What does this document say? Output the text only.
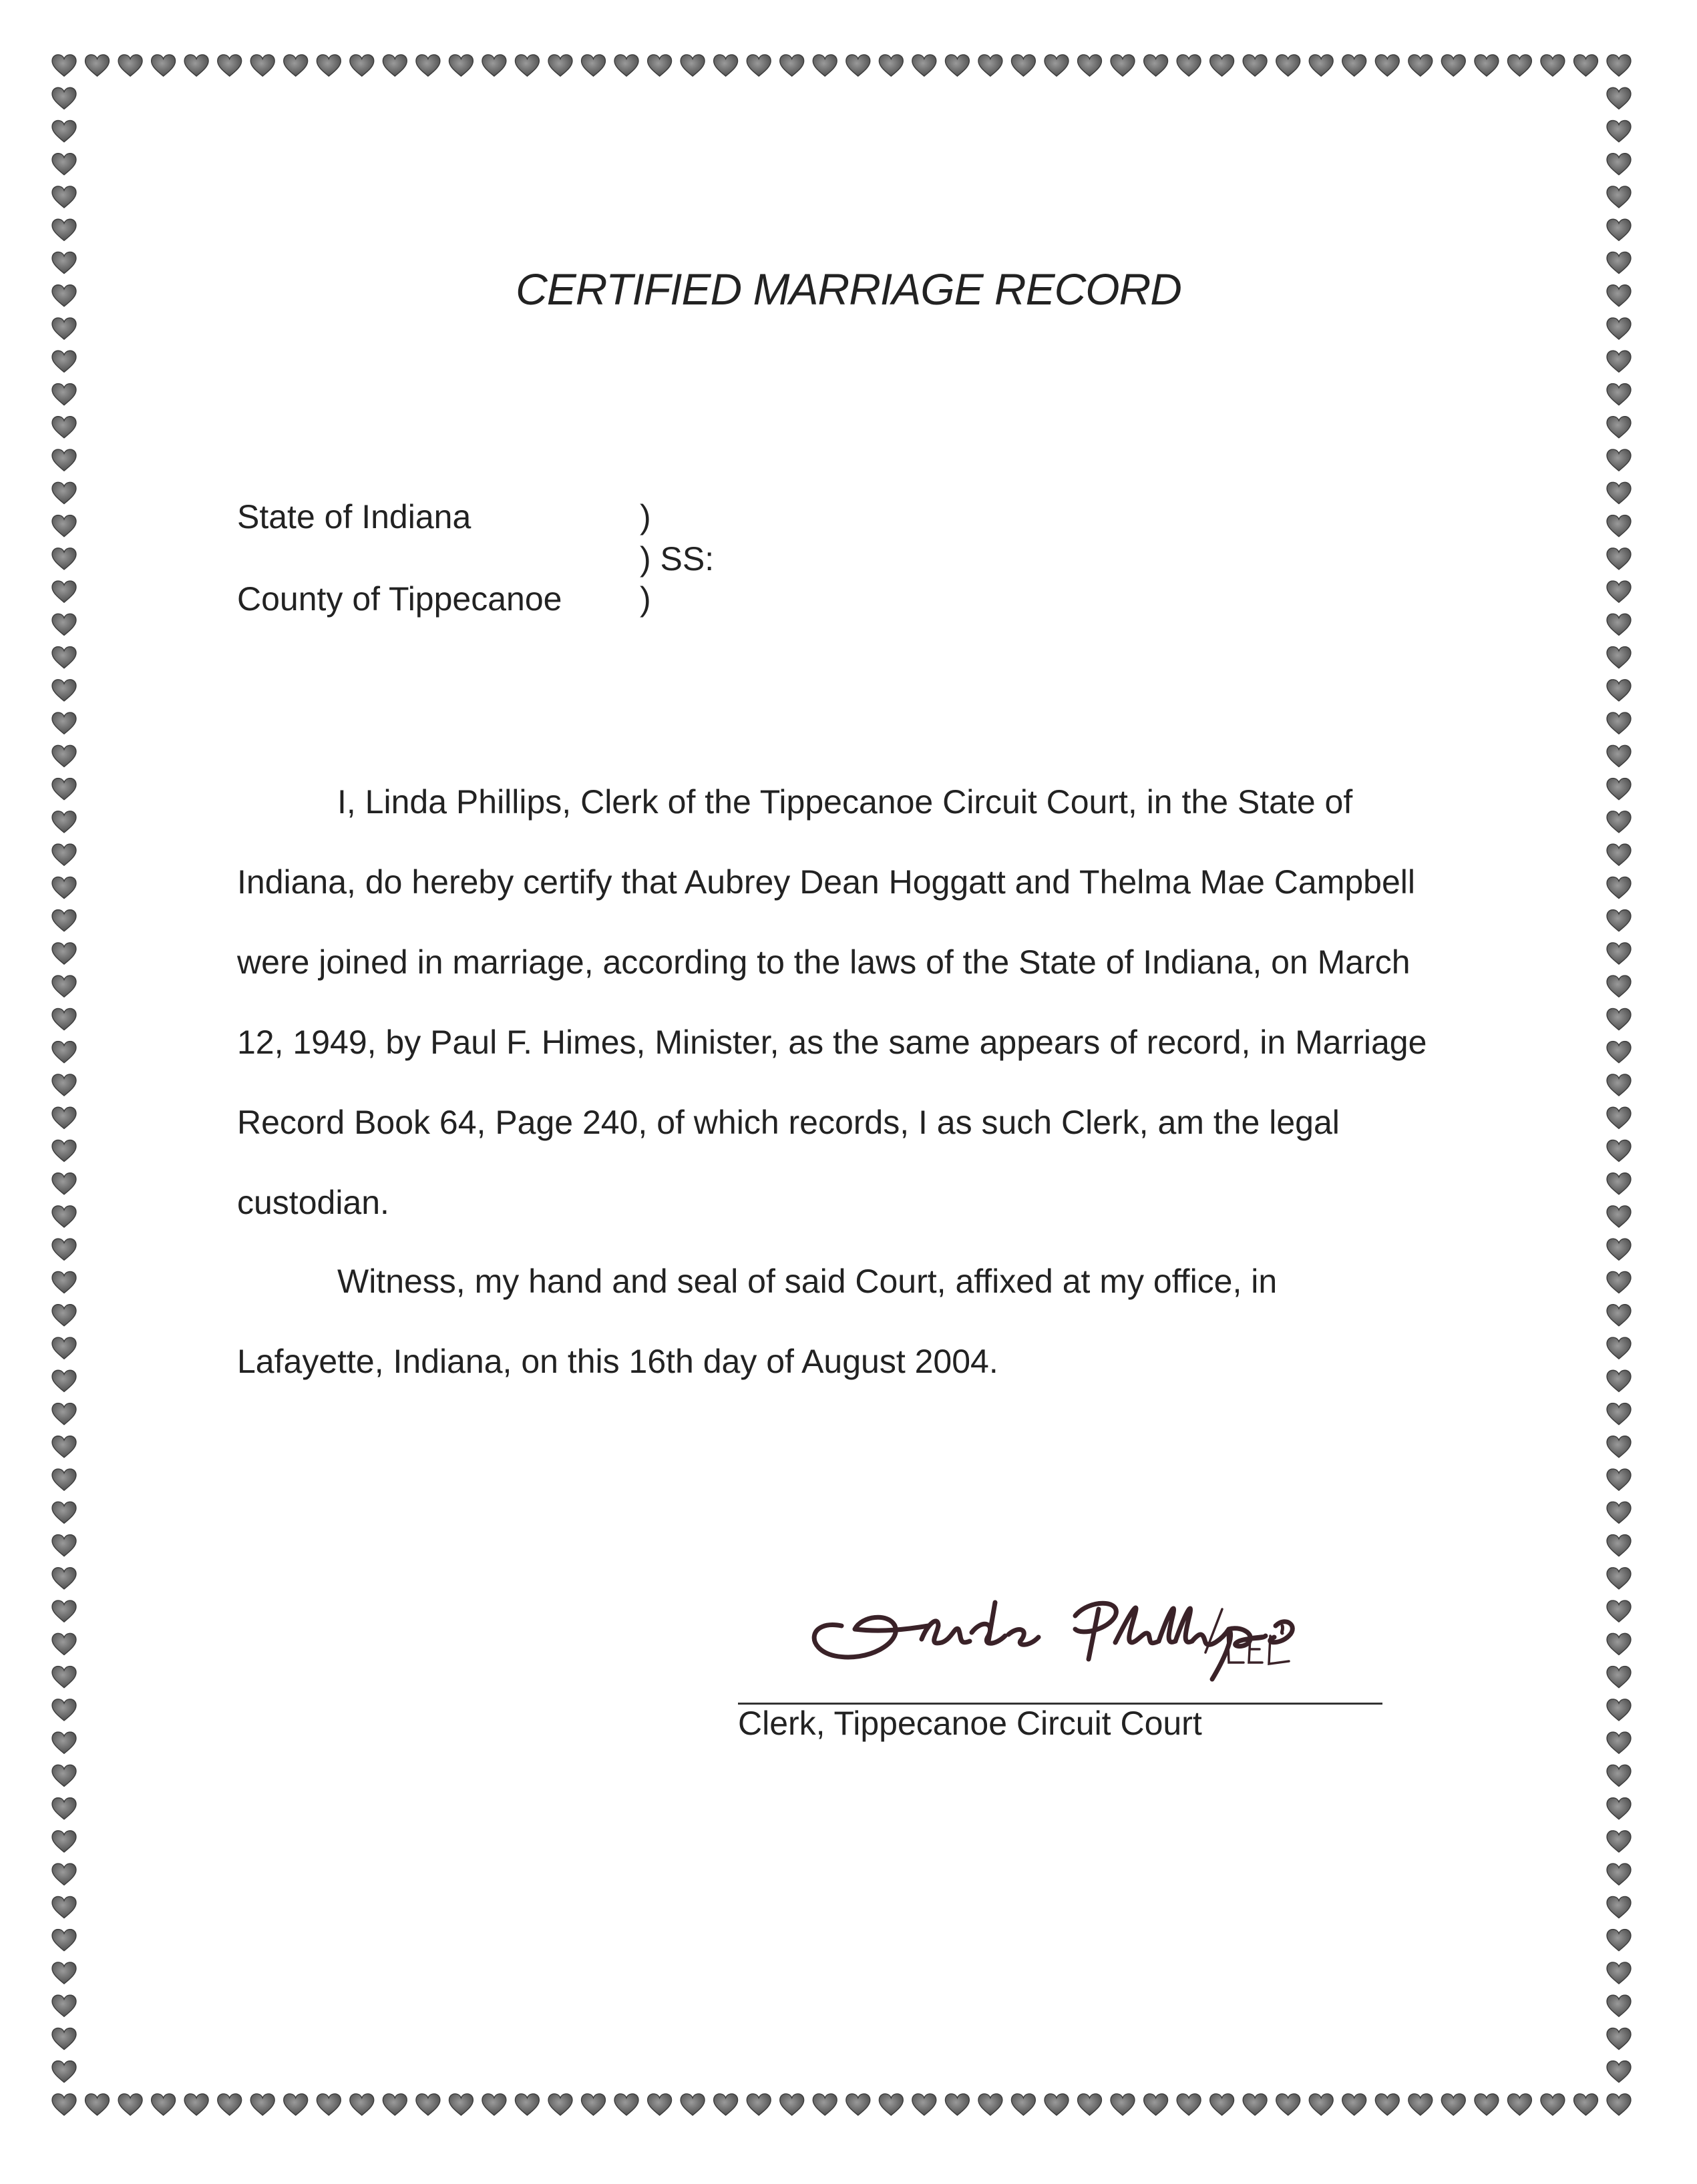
CERTIFIED MARRIAGE RECORD
State of Indiana	)
) SS:
County of Tippecanoe )
I, Linda Phillips, Clerk of the Tippecanoe Circuit Court, in the State of
Indiana, do hereby certify that Aubrey Dean Hoggatt and Thelma Mae Campbell
were joined in marriage, according to the laws of the State of Indiana, on March
12, 1949, by Paul F. Himes, Minister, as the same appears of record, in Marriage
Record Book 64, Page 240, of which records, I as such Clerk, am the legal
custodian.
Witness, my hand and seal of said Court, affixed at my office, in
Lafayette, Indiana, on this 16th day of August 2004.
Clerk, Tippecanoe Circuit Court
